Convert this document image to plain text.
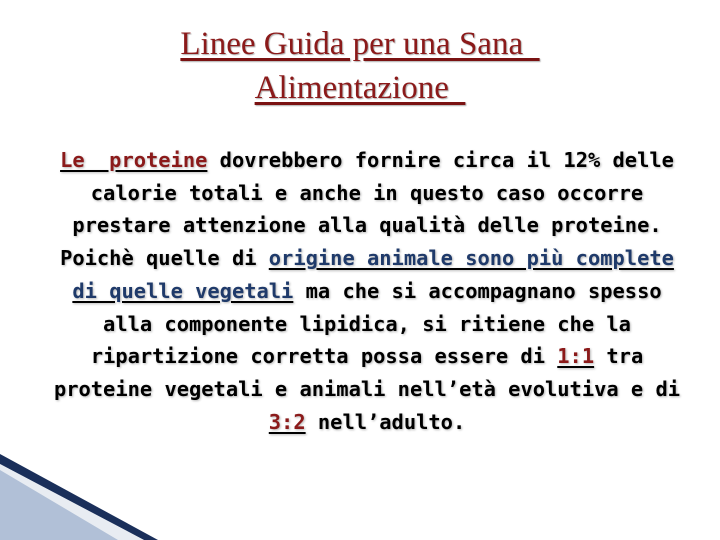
Linee Guida per una Sana
Alimentazione
Le  proteine dovrebbero fornire circa il 12% delle calorie totali e anche in questo caso occorre prestare attenzione alla qualità delle proteine. Poichè quelle di origine animale sono più complete di quelle vegetali ma che si accompagnano spesso alla componente lipidica, si ritiene che la ripartizione corretta possa essere di 1:1 tra proteine vegetali e animali nell’età evolutiva e di 3:2 nell’adulto.
